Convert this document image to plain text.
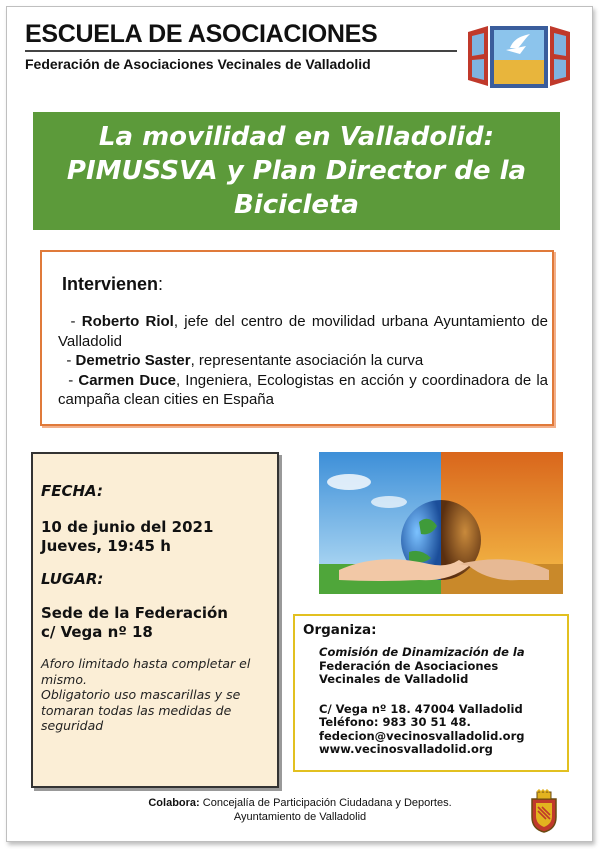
ESCUELA DE ASOCIACIONES
Federación de Asociaciones Vecinales de Valladolid
La movilidad en Valladolid:
PIMUSSVA y Plan Director de la
Bicicleta
Intervienen:

- Roberto Riol, jefe del centro de movilidad urbana Ayuntamiento de Valladolid

- Demetrio Saster, representante asociación la curva

- Carmen Duce, Ingeniera, Ecologistas en acción y coordinadora de la campaña clean cities en España

FECHA:
10 de junio del 2021
Jueves, 19:45 h
LUGAR:
Sede de la Federación
c/ Vega nº 18
Aforo limitado hasta completar el mismo.
Obligatorio uso mascarillas y se tomaran todas las medidas de seguridad
Organiza:
Comisión de Dinamización de la
Federación de Asociaciones Vecinales de Valladolid
C/ Vega nº 18. 47004 Valladolid
Teléfono: 983 30 51 48.
fedecion@vecinosvalladolid.org
www.vecinosvalladolid.org
Colabora: Concejalía de Participación Ciudadana y Deportes.
Ayuntamiento de Valladolid
